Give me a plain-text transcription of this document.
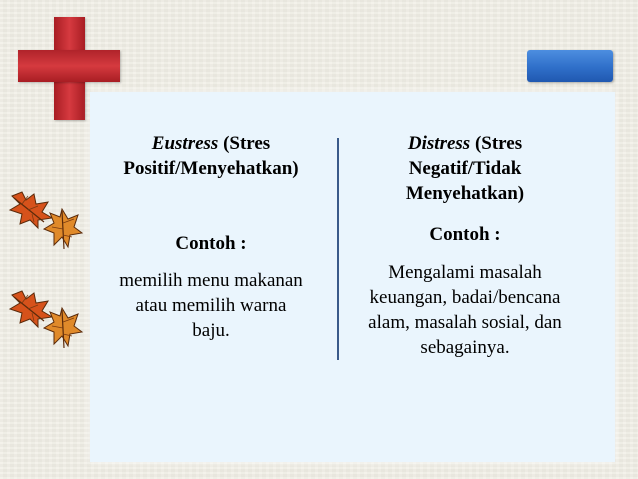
Eustress (Stres
Positif/Menyehatkan)
Contoh :
memilih menu makanan
atau memilih warna
baju.
Distress (Stres
Negatif/Tidak
Menyehatkan)
Contoh :
Mengalami masalah
keuangan, badai/bencana
alam, masalah sosial, dan
sebagainya.
